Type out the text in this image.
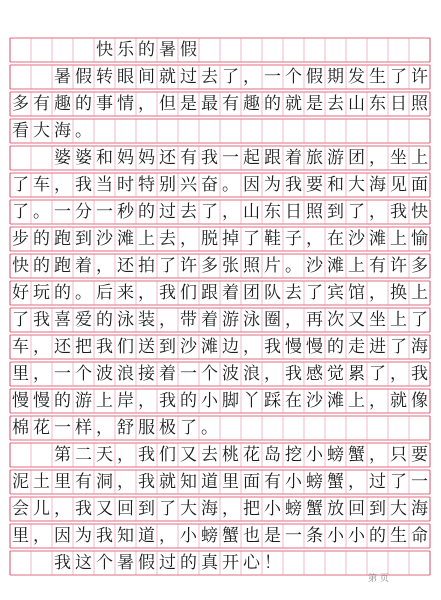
快 乐 的 暑 假
暑 假 转 眼 间 就 过 去 了 ， 一 个 假 期 发 生 了 许
多 有 趣 的 事 情 ， 但 是 最 有 趣 的 就 是 去 山 东 日 照
看 大 海 。
婆 婆 和 妈 妈 还 有 我 一 起 跟 着 旅 游 团 ， 坐 上
了 车 ， 我 当 时 特 别 兴 奋 。 因 为 我 要 和 大 海 见 面
了 。 一 分 一 秒 的 过 去 了 ， 山 东 日 照 到 了 ， 我 快
步 的 跑 到 沙 滩 上 去 ， 脱 掉 了 鞋 子 ， 在 沙 滩 上 愉
快 的 跑 着 ， 还 拍 了 许 多 张 照 片 。 沙 滩 上 有 许 多
好 玩 的 。 后 来 ， 我 们 跟 着 团 队 去 了 宾 馆 ， 换 上
了 我 喜 爱 的 泳 装 ， 带 着 游 泳 圈 ， 再 次 又 坐 上 了
车 ， 还 把 我 们 送 到 沙 滩 边 ， 我 慢 慢 的 走 进 了 海
里 ， 一 个 波 浪 接 着 一 个 波 浪 ， 我 感 觉 累 了 ， 我
慢 慢 的 游 上 岸 ， 我 的 小 脚 丫 踩 在 沙 滩 上 ， 就 像
棉 花 一 样 ， 舒 服 极 了 。
第 二 天 ， 我 们 又 去 桃 花 岛 挖 小 螃 蟹 ， 只 要
泥 土 里 有 洞 ， 我 就 知 道 里 面 有 小 螃 蟹 ， 过 了 一
会 儿 ， 我 又 回 到 了 大 海 ， 把 小 螃 蟹 放 回 到 大 海
里 ， 因 为 我 知 道 ， 小 螃 蟹 也 是 一 条 小 小 的 生 命
我 这 个 暑 假 过 的 真 开 心 ！
第 页
